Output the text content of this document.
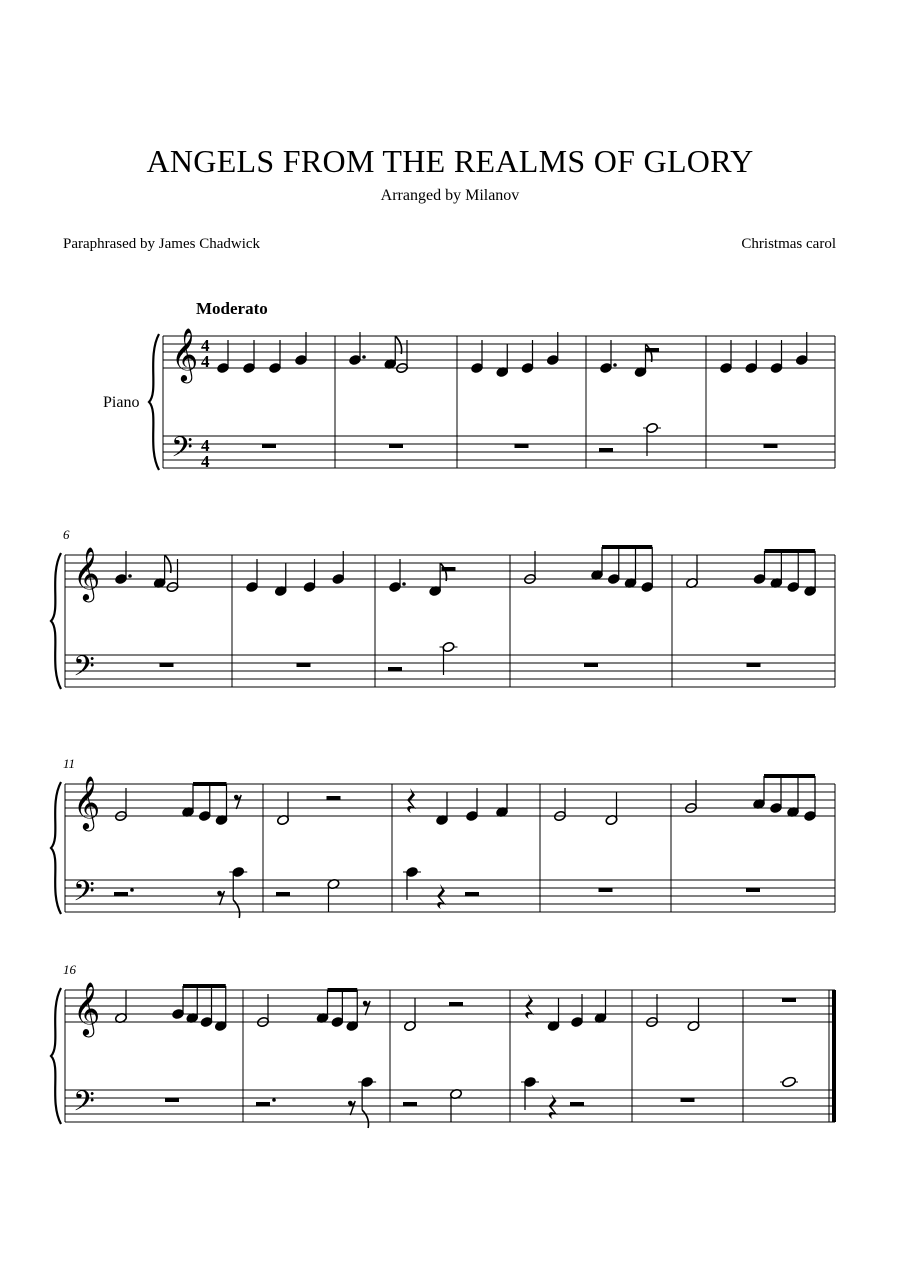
ANGELS FROM THE REALMS OF GLORY
Arranged by Milanov
Paraphrased by James Chadwick	Christmas carol
Moderato
Piano
𝄞
𝄢
4
4
4
4
𝄞
𝄢
6
𝄞
𝄢
11
𝄞
𝄢
16
